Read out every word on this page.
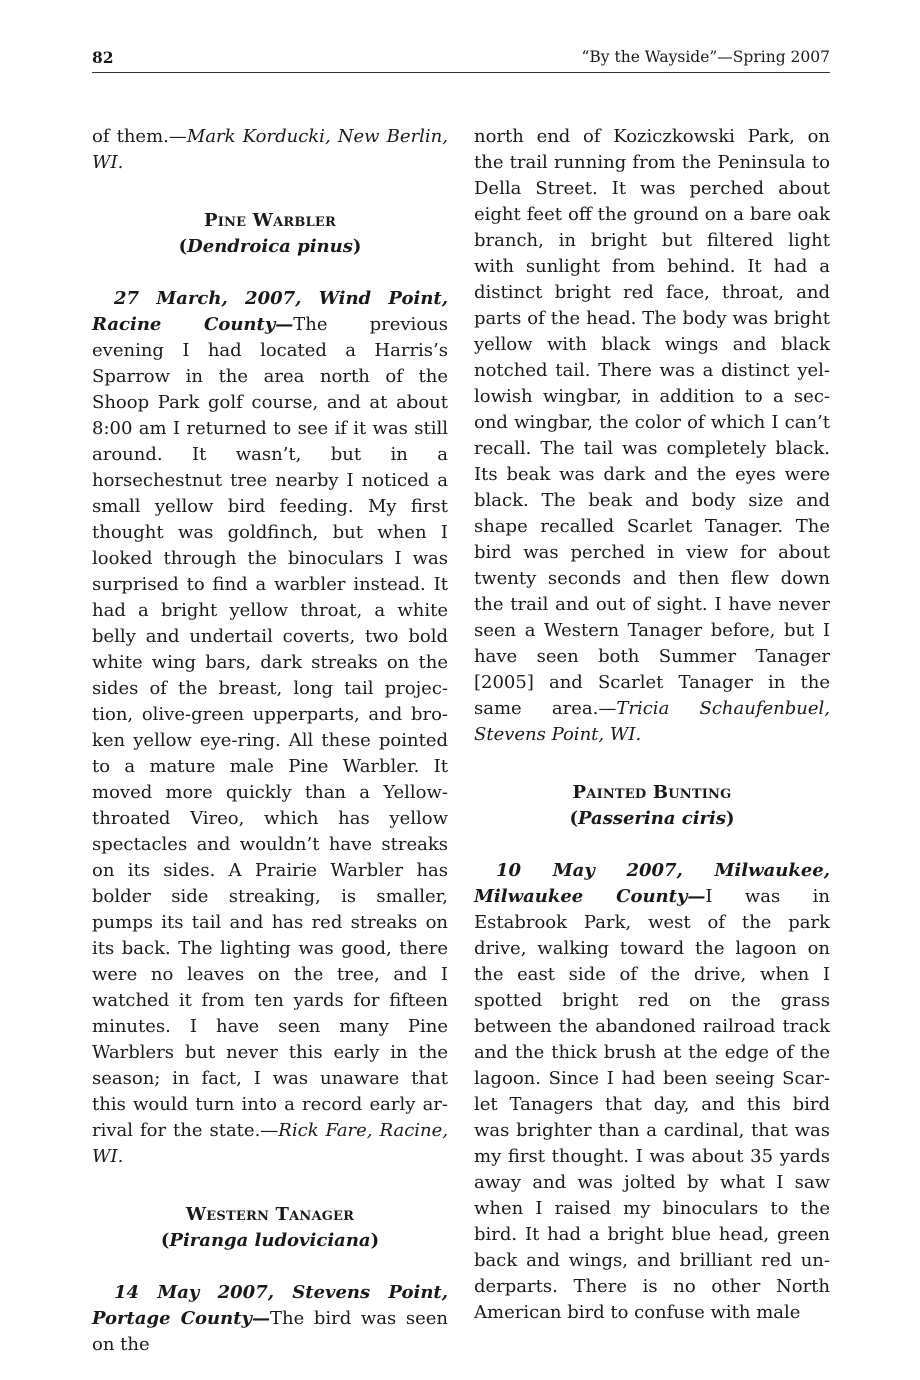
82	“By the Wayside”—Spring 2007

of them.—Mark Korducki, New Berlin, WI.

Pine Warbler
(Dendroica pinus)

27 March, 2007, Wind Point, Racine County—The previous evening I had located a Harris’s Sparrow in the area north of the Shoop Park golf course, and at about 8:00 am I returned to see if it was still around. It wasn’t, but in a horsechestnut tree nearby I noticed a small yellow bird feeding. My first thought was goldfinch, but when I looked through the binoculars I was surprised to find a warbler instead. It had a bright yellow throat, a white belly and undertail coverts, two bold white wing bars, dark streaks on the sides of the breast, long tail projection, olive-green upperparts, and broken yellow eye-ring. All these pointed to a mature male Pine Warbler. It moved more quickly than a Yellow-throated Vireo, which has yellow spectacles and wouldn’t have streaks on its sides. A Prairie Warbler has bolder side streaking, is smaller, pumps its tail and has red streaks on its back. The lighting was good, there were no leaves on the tree, and I watched it from ten yards for fifteen minutes. I have seen many Pine Warblers but never this early in the season; in fact, I was unaware that this would turn into a record early arrival for the state.—Rick Fare, Racine, WI.

Western Tanager
(Piranga ludoviciana)

14 May 2007, Stevens Point, Portage County—The bird was seen on the

north end of Koziczkowski Park, on the trail running from the Peninsula to Della Street. It was perched about eight feet off the ground on a bare oak branch, in bright but filtered light with sunlight from behind. It had a distinct bright red face, throat, and parts of the head. The body was bright yellow with black wings and black notched tail. There was a distinct yellowish wingbar, in addition to a second wingbar, the color of which I can’t recall. The tail was completely black. Its beak was dark and the eyes were black. The beak and body size and shape recalled Scarlet Tanager. The bird was perched in view for about twenty seconds and then flew down the trail and out of sight. I have never seen a Western Tanager before, but I have seen both Summer Tanager [2005] and Scarlet Tanager in the same area.—Tricia Schaufenbuel, Stevens Point, WI.

Painted Bunting
(Passerina ciris)

10 May 2007, Milwaukee, Milwaukee County—I was in Estabrook Park, west of the park drive, walking toward the lagoon on the east side of the drive, when I spotted bright red on the grass between the abandoned railroad track and the thick brush at the edge of the lagoon. Since I had been seeing Scarlet Tanagers that day, and this bird was brighter than a cardinal, that was my first thought. I was about 35 yards away and was jolted by what I saw when I raised my binoculars to the bird. It had a bright blue head, green back and wings, and brilliant red underparts. There is no other North American bird to confuse with male
